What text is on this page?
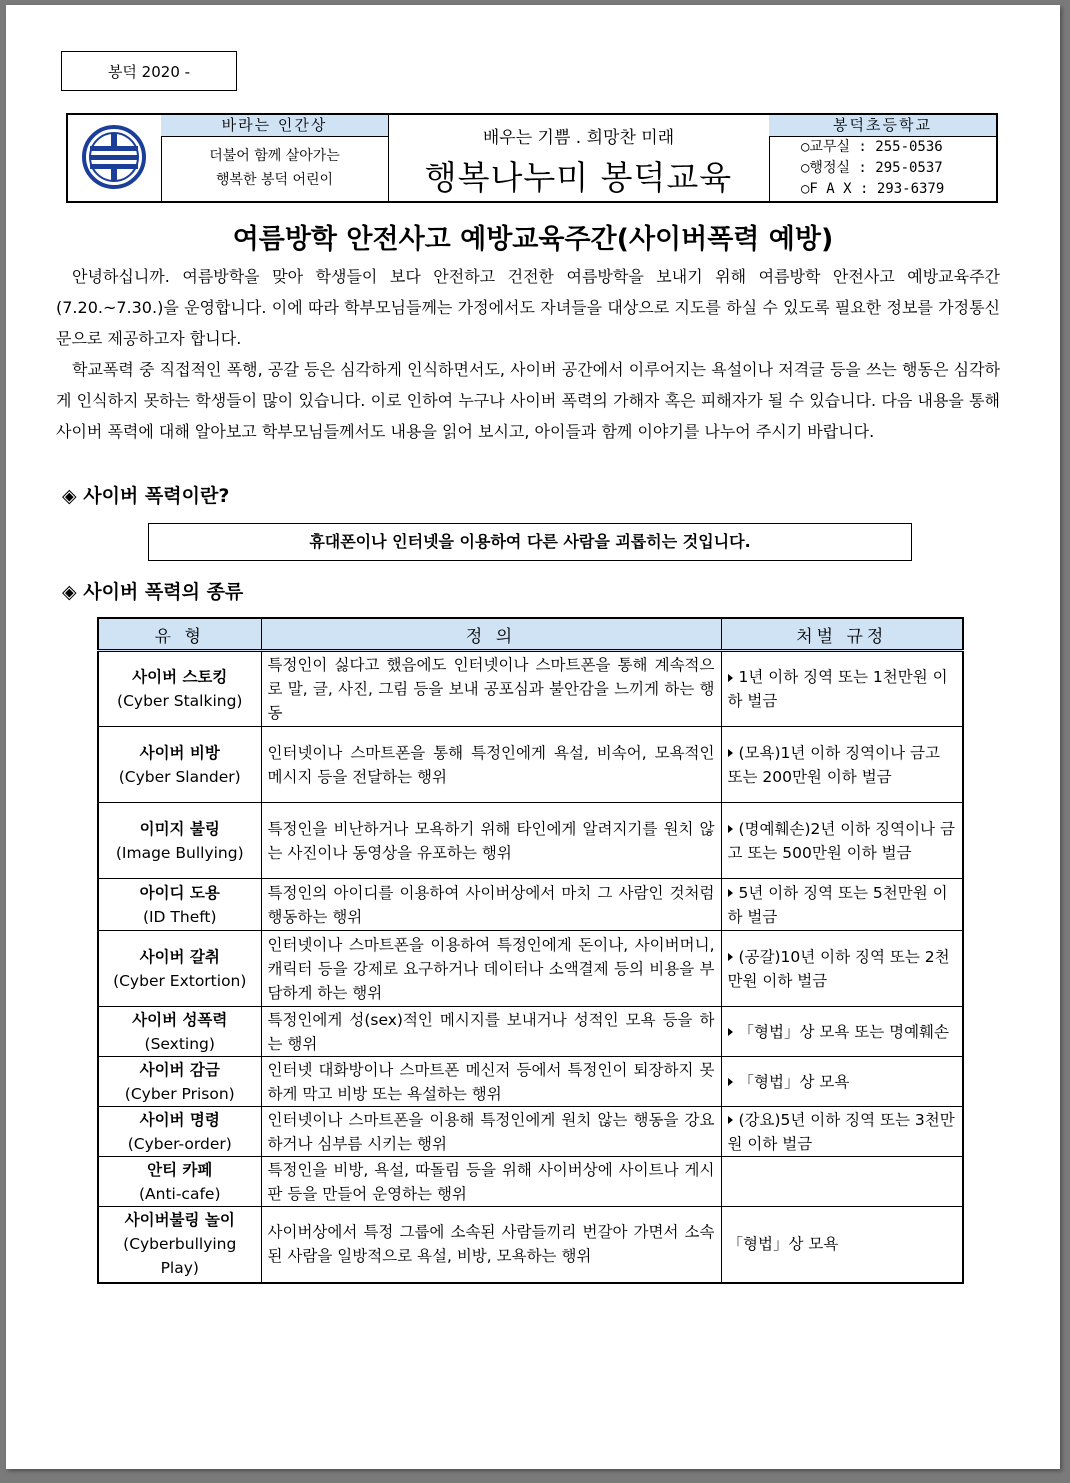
봉덕 2020 -
바라는 인간상
더불어 함께 살아가는
행복한 봉덕 어린이
배우는 기쁨 . 희망찬 미래
행복나누미 봉덕교육
봉덕초등학교
○교무실 : 255-0536
○행정실 : 295-0537
○F A X : 293-6379
여름방학 안전사고 예방교육주간(사이버폭력 예방)

안녕하십니까. 여름방학을 맞아 학생들이 보다 안전하고 건전한 여름방학을 보내기 위해 여름방학 안전사고 예방교육주간(7.20.~7.30.)을 운영합니다. 이에 따라 학부모님들께는 가정에서도 자녀들을 대상으로 지도를 하실 수 있도록 필요한 정보를 가정통신문으로 제공하고자 합니다.

학교폭력 중 직접적인 폭행, 공갈 등은 심각하게 인식하면서도, 사이버 공간에서 이루어지는 욕설이나 저격글 등을 쓰는 행동은 심각하게 인식하지 못하는 학생들이 많이 있습니다. 이로 인하여 누구나 사이버 폭력의 가해자 혹은 피해자가 될 수 있습니다. 다음 내용을 통해 사이버 폭력에 대해 알아보고 학부모님들께서도 내용을 읽어 보시고, 아이들과 함께 이야기를 나누어 주시기 바랍니다.

◈ 사이버 폭력이란?
휴대폰이나 인터넷을 이용하여 다른 사람을 괴롭히는 것입니다.
◈ 사이버 폭력의 종류
유 형	정 의	처벌 규정

사이버 스토킹
(Cyber Stalking)	특정인이 싫다고 했음에도 인터넷이나 스마트폰을 통해 계속적으로 말, 글, 사진, 그림 등을 보내 공포심과 불안감을 느끼게 하는 행동	1년 이하 징역 또는 1천만원 이하 벌금

사이버 비방
(Cyber Slander)	인터넷이나 스마트폰을 통해 특정인에게 욕설, 비속어, 모욕적인 메시지 등을 전달하는 행위	(모욕)1년 이하 징역이나 금고 또는 200만원 이하 벌금

이미지 불링
(Image Bullying)	특정인을 비난하거나 모욕하기 위해 타인에게 알려지기를 원치 않는 사진이나 동영상을 유포하는 행위	(명예훼손)2년 이하 징역이나 금고 또는 500만원 이하 벌금

아이디 도용
(ID Theft)	특정인의 아이디를 이용하여 사이버상에서 마치 그 사람인 것처럼 행동하는 행위	5년 이하 징역 또는 5천만원 이하 벌금

사이버 갈취
(Cyber Extortion)	인터넷이나 스마트폰을 이용하여 특정인에게 돈이나, 사이버머니, 캐릭터 등을 강제로 요구하거나 데이터나 소액결제 등의 비용을 부담하게 하는 행위	(공갈)10년 이하 징역 또는 2천만원 이하 벌금

사이버 성폭력
(Sexting)	특정인에게 성(sex)적인 메시지를 보내거나 성적인 모욕 등을 하는 행위	「형법」상 모욕 또는 명예훼손

사이버 감금
(Cyber Prison)	인터넷 대화방이나 스마트폰 메신저 등에서 특정인이 퇴장하지 못하게 막고 비방 또는 욕설하는 행위	「형법」상 모욕

사이버 명령
(Cyber-order)	인터넷이나 스마트폰을 이용해 특정인에게 원치 않는 행동을 강요하거나 심부름 시키는 행위	(강요)5년 이하 징역 또는 3천만원 이하 벌금

안티 카페
(Anti-cafe)	특정인을 비방, 욕설, 따돌림 등을 위해 사이버상에 사이트나 게시판 등을 만들어 운영하는 행위	

사이버불링 놀이
(Cyberbullying Play)	사이버상에서 특정 그룹에 소속된 사람들끼리 번갈아 가면서 소속된 사람을 일방적으로 욕설, 비방, 모욕하는 행위	「형법」상 모욕
